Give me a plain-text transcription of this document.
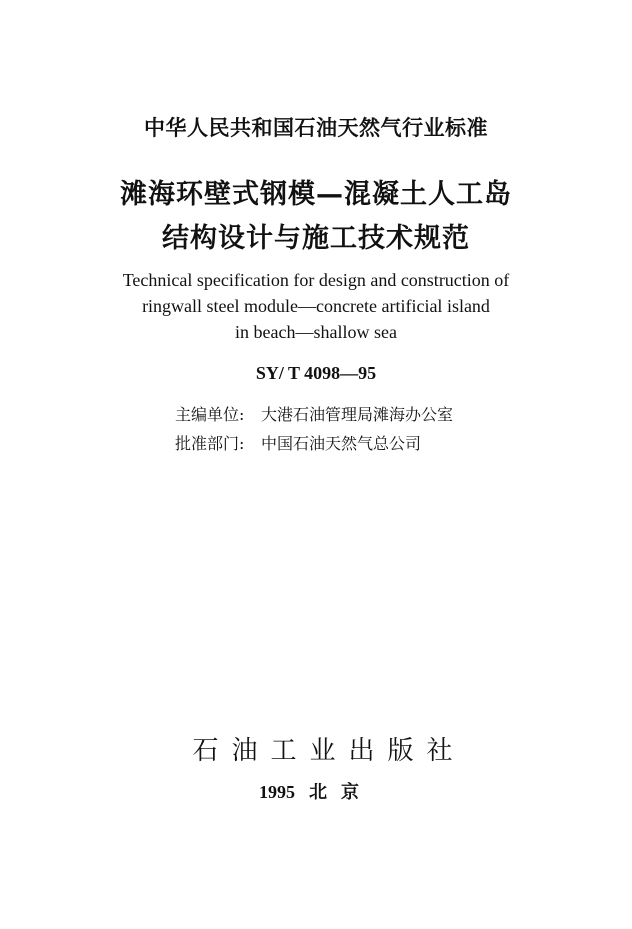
中华人民共和国石油天然气行业标准
滩海环壁式钢模—混凝土人工岛
结构设计与施工技术规范
Technical specification for design and construction of
ringwall steel module—concrete artificial island
in beach—shallow sea
SY/ T 4098—95
主编单位: 大港石油管理局滩海办公室
批准部门: 中国石油天然气总公司
石油工业出版社
1995 北京
